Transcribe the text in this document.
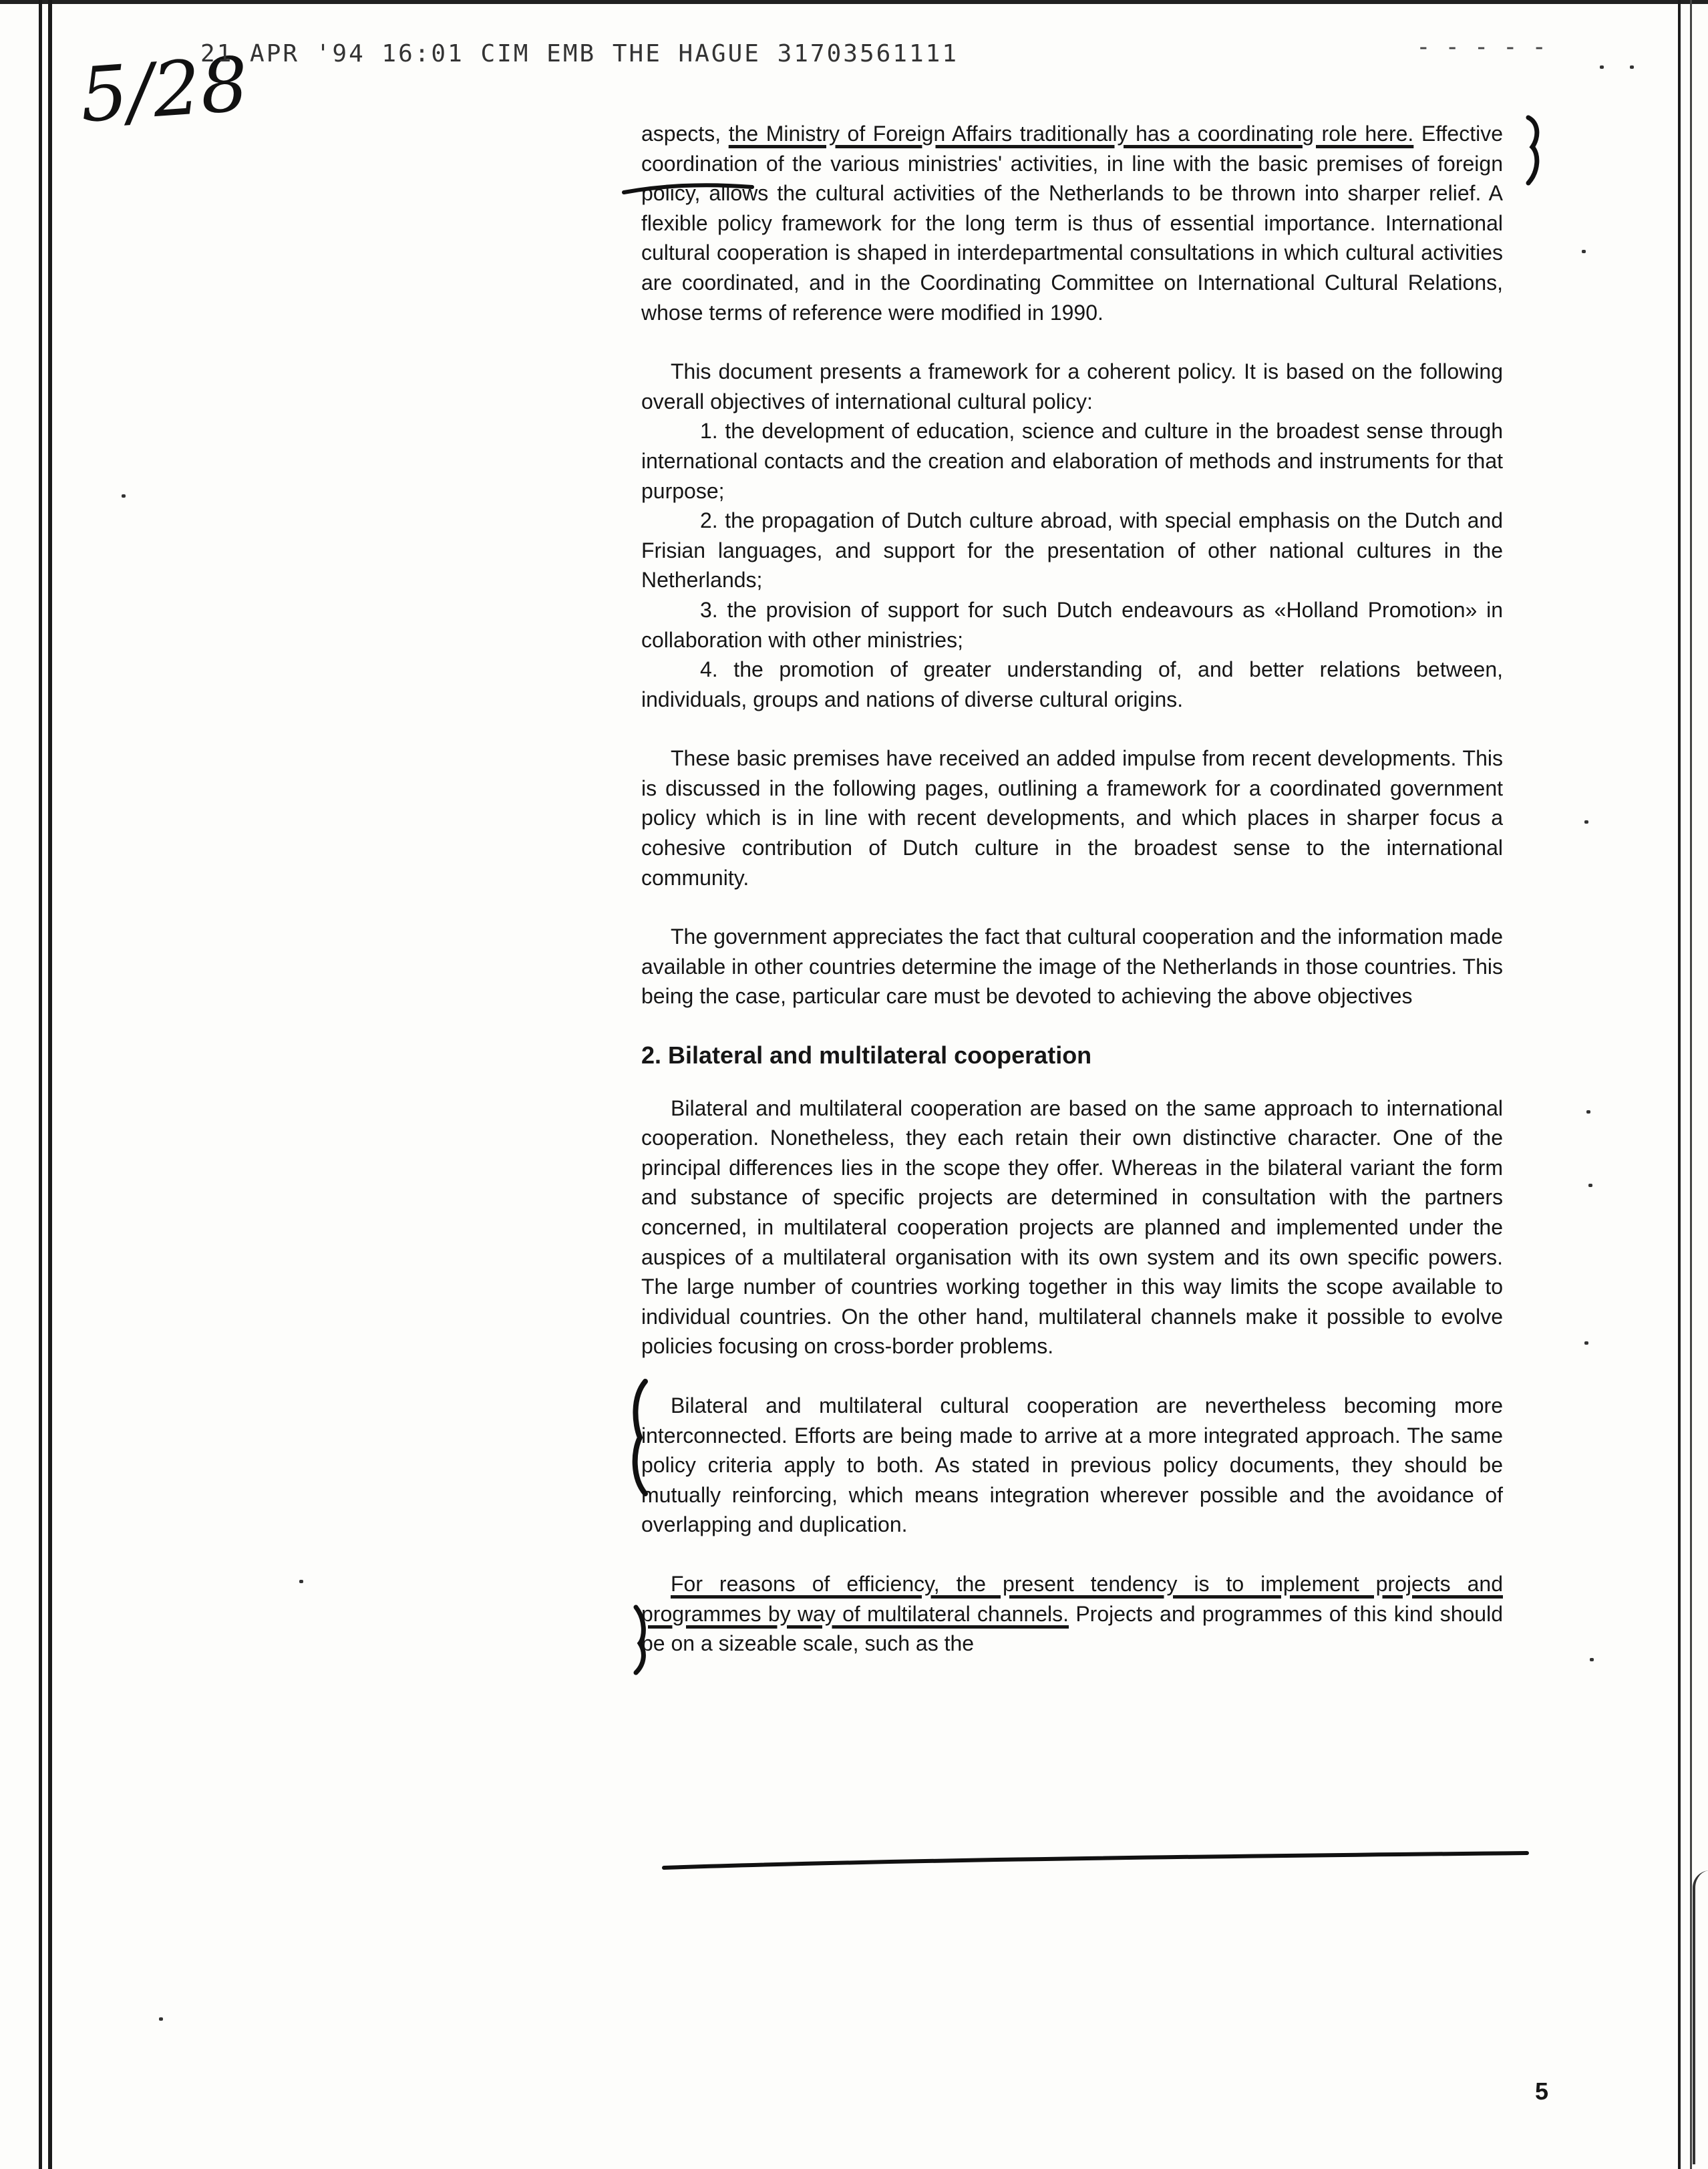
5/28
21 APR '94 16:01 CIM EMB THE HAGUE 31703561111	- - - - -

aspects, the Ministry of Foreign Affairs traditionally has a coordinating role here. Effective coordination of the various ministries' activities, in line with the basic premises of foreign policy, allows the cultural activities of the Netherlands to be thrown into sharper relief. A flexible policy framework for the long term is thus of essential importance. International cultural cooperation is shaped in interdepartmental consultations in which cultural activities are coordinated, and in the Coordinating Committee on International Cultural Relations, whose terms of reference were modified in 1990.

This document presents a framework for a coherent policy. It is based on the following overall objectives of international cultural policy:

1. the development of education, science and culture in the broadest sense through international contacts and the creation and elaboration of methods and instruments for that purpose;
2. the propagation of Dutch culture abroad, with special emphasis on the Dutch and Frisian languages, and support for the presentation of other national cultures in the Netherlands;
3. the provision of support for such Dutch endeavours as «Holland Promotion» in collaboration with other ministries;
4. the promotion of greater understanding of, and better relations between, individuals, groups and nations of diverse cultural origins.

These basic premises have received an added impulse from recent developments. This is discussed in the following pages, outlining a framework for a coordinated government policy which is in line with recent developments, and which places in sharper focus a cohesive contribution of Dutch culture in the broadest sense to the international community.

The government appreciates the fact that cultural cooperation and the information made available in other countries determine the image of the Netherlands in those countries. This being the case, particular care must be devoted to achieving the above objectives

2. Bilateral and multilateral cooperation

Bilateral and multilateral cooperation are based on the same approach to international cooperation. Nonetheless, they each retain their own distinctive character. One of the principal differences lies in the scope they offer. Whereas in the bilateral variant the form and substance of specific projects are determined in consultation with the partners concerned, in multilateral cooperation projects are planned and implemented under the auspices of a multilateral organisation with its own system and its own specific powers. The large number of countries working together in this way limits the scope available to individual countries. On the other hand, multilateral channels make it possible to evolve policies focusing on cross-border problems.

Bilateral and multilateral cultural cooperation are nevertheless becoming more interconnected. Efforts are being made to arrive at a more integrated approach. The same policy criteria apply to both. As stated in previous policy documents, they should be mutually reinforcing, which means integration wherever possible and the avoidance of overlapping and duplication.

For reasons of efficiency, the present tendency is to implement projects and programmes by way of multilateral channels. Projects and programmes of this kind should be on a sizeable scale, such as the

5
